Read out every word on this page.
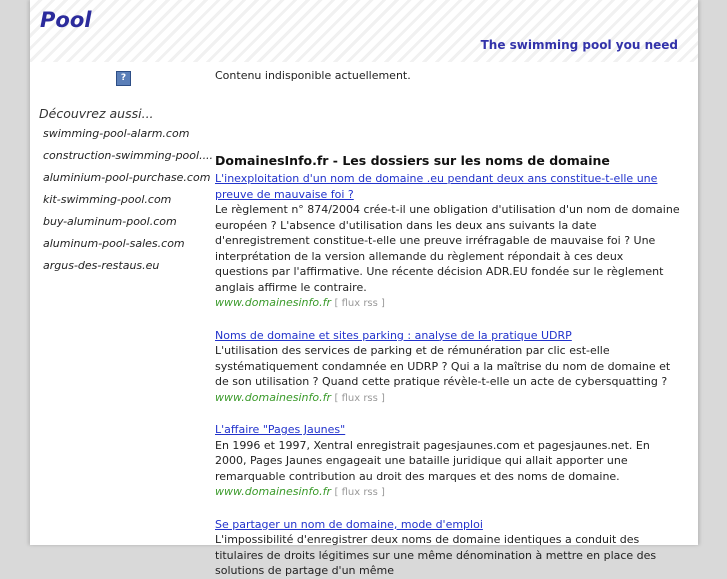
Pool
The swimming pool you need
?
Découvrez aussi...
swimming-pool-alarm.com
construction-swimming-pool....
aluminium-pool-purchase.com
kit-swimming-pool.com
buy-aluminum-pool.com
aluminum-pool-sales.com
argus-des-restaus.eu
Contenu indisponible actuellement.
DomainesInfo.fr - Les dossiers sur les noms de domaine
L'inexploitation d'un nom de domaine .eu pendant deux ans constitue-t-elle une preuve de mauvaise foi ?
Le règlement n° 874/2004 crée-t-il une obligation d'utilisation d'un nom de domaine européen ? L'absence d'utilisation dans les deux ans suivants la date d'enregistrement constitue-t-elle une preuve irréfragable de mauvaise foi ? Une interprétation de la version allemande du règlement répondait à ces deux questions par l'affirmative. Une récente décision ADR.EU fondée sur le règlement anglais affirme le contraire.
www.domainesinfo.fr [ flux rss ]
Noms de domaine et sites parking : analyse de la pratique UDRP
L'utilisation des services de parking et de rémunération par clic est-elle systématiquement condamnée en UDRP ? Qui a la maîtrise du nom de domaine et de son utilisation ? Quand cette pratique révèle-t-elle un acte de cybersquatting ?
www.domainesinfo.fr [ flux rss ]
L'affaire "Pages Jaunes"
En 1996 et 1997, Xentral enregistrait pagesjaunes.com et pagesjaunes.net. En 2000, Pages Jaunes engageait une bataille juridique qui allait apporter une remarquable contribution au droit des marques et des noms de domaine.
www.domainesinfo.fr [ flux rss ]
Se partager un nom de domaine, mode d'emploi
L'impossibilité d'enregistrer deux noms de domaine identiques a conduit des titulaires de droits légitimes sur une même dénomination à mettre en place des solutions de partage d'un même
